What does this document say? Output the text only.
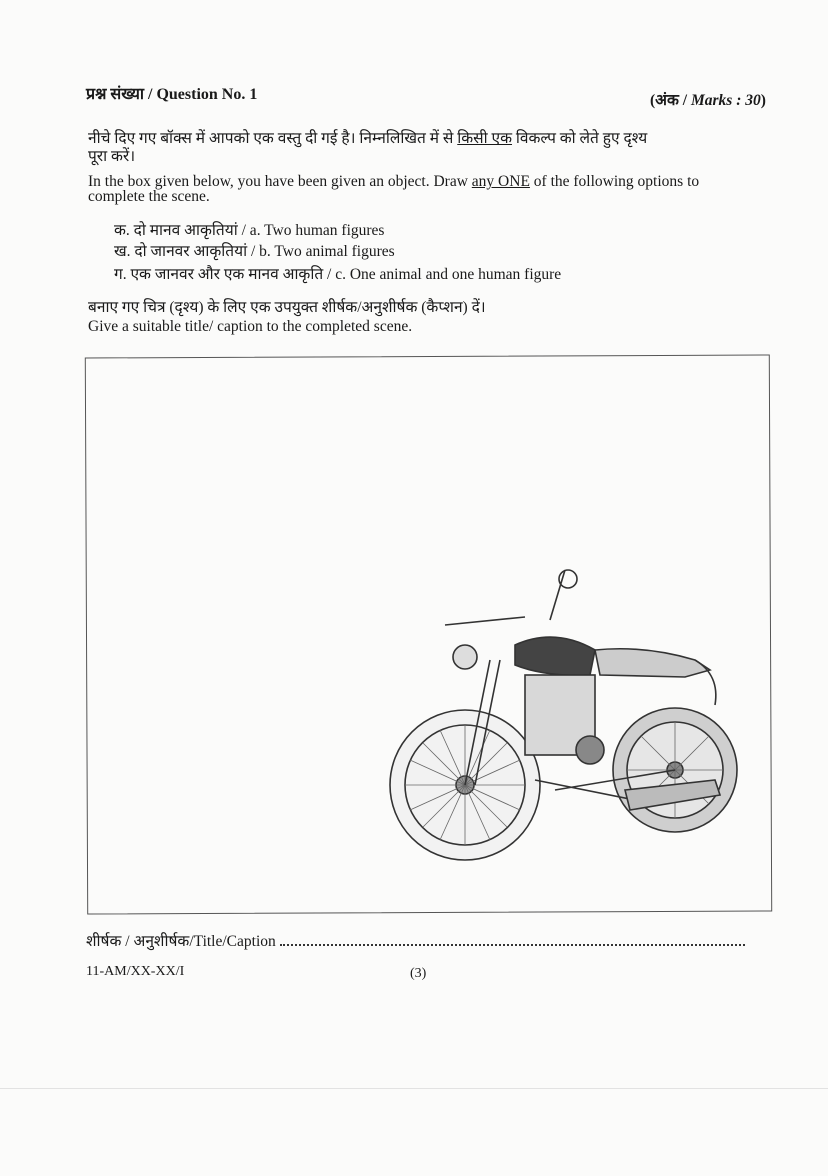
प्रश्न संख्या / Question No. 1	(अंक / Marks : 30)
नीचे दिए गए बॉक्स में आपको एक वस्तु दी गई है। निम्नलिखित में से किसी एक विकल्प को लेते हुए दृश्य
पूरा करें।
In the box given below, you have been given an object. Draw any ONE of the following options to
complete the scene.
क. दो मानव आकृतियां / a. Two human figures
ख. दो जानवर आकृतियां / b. Two animal figures
ग. एक जानवर और एक मानव आकृति / c. One animal and one human figure
बनाए गए चित्र (दृश्य) के लिए एक उपयुक्त शीर्षक/अनुशीर्षक (कैप्शन) दें।
Give a suitable title/ caption to the completed scene.
शीर्षक / अनुशीर्षक/Title/Caption
11-AM/XX-XX/I	(3)
